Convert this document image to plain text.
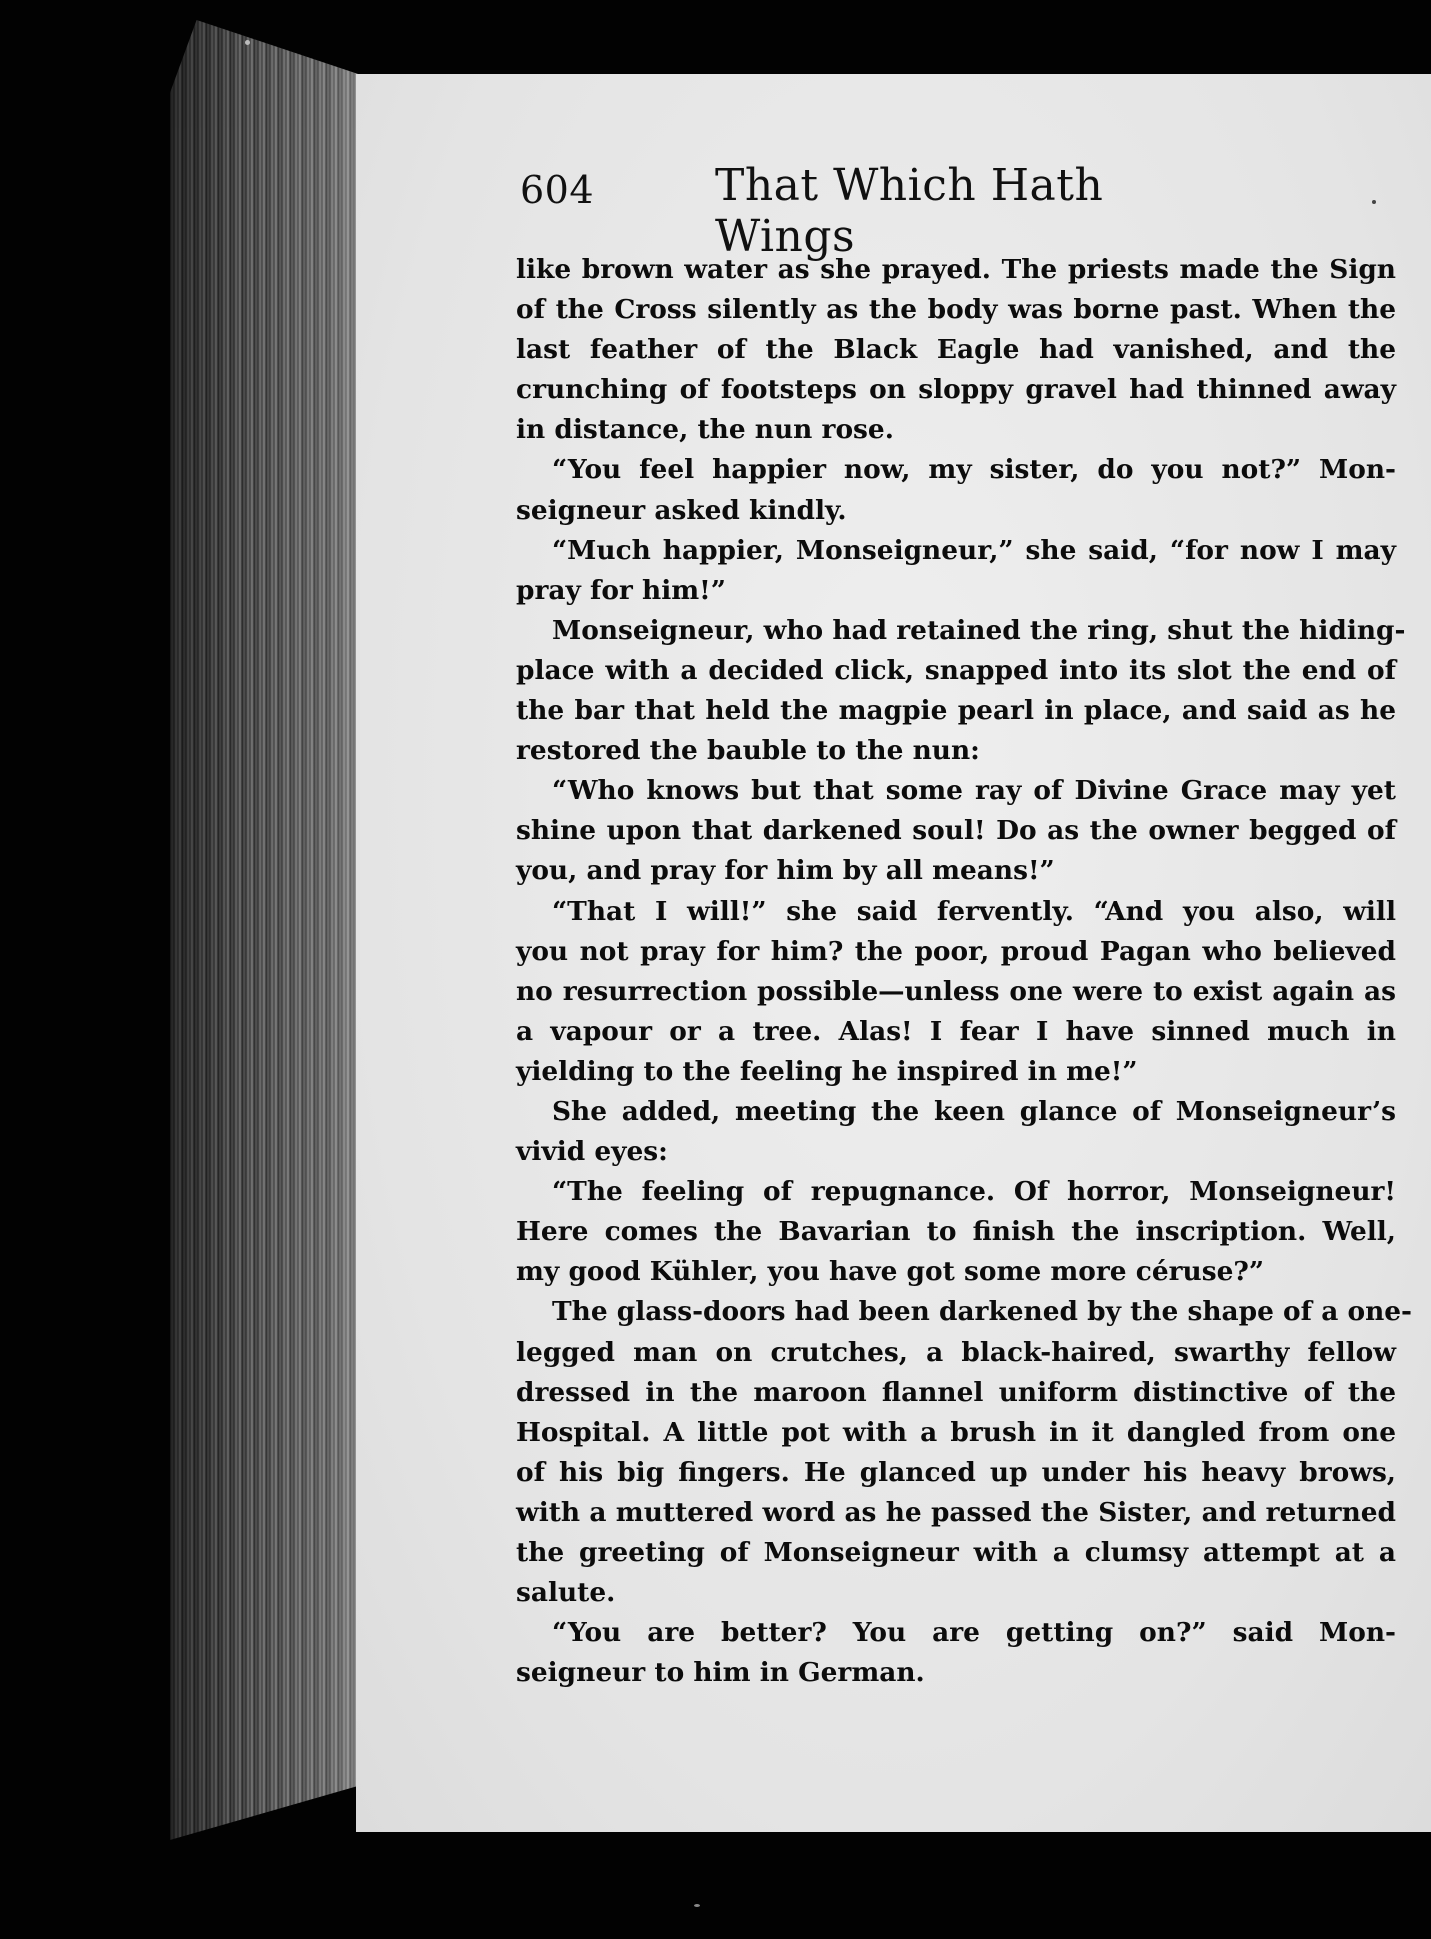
604	That Which Hath Wings
like brown water as she prayed. The priests made the Sign
of the Cross silently as the body was borne past. When the
last feather of the Black Eagle had vanished, and the
crunching of footsteps on sloppy gravel had thinned away
in distance, the nun rose.
“You feel happier now, my sister, do you not?” Mon-
seigneur asked kindly.
“Much happier, Monseigneur,” she said, “for now I may
pray for him!”
Monseigneur, who had retained the ring, shut the hiding-
place with a decided click, snapped into its slot the end of
the bar that held the magpie pearl in place, and said as he
restored the bauble to the nun:
“Who knows but that some ray of Divine Grace may yet
shine upon that darkened soul! Do as the owner begged of
you, and pray for him by all means!”
“That I will!” she said fervently. “And you also, will
you not pray for him? the poor, proud Pagan who believed
no resurrection possible—unless one were to exist again as
a vapour or a tree. Alas! I fear I have sinned much in
yielding to the feeling he inspired in me!”
She added, meeting the keen glance of Monseigneur’s
vivid eyes:
“The feeling of repugnance. Of horror, Monseigneur!
Here comes the Bavarian to finish the inscription. Well,
my good Kühler, you have got some more céruse?”
The glass-doors had been darkened by the shape of a one-
legged man on crutches, a black-haired, swarthy fellow
dressed in the maroon flannel uniform distinctive of the
Hospital. A little pot with a brush in it dangled from one
of his big fingers. He glanced up under his heavy brows,
with a muttered word as he passed the Sister, and returned
the greeting of Monseigneur with a clumsy attempt at a
salute.
“You are better? You are getting on?” said Mon-
seigneur to him in German.
